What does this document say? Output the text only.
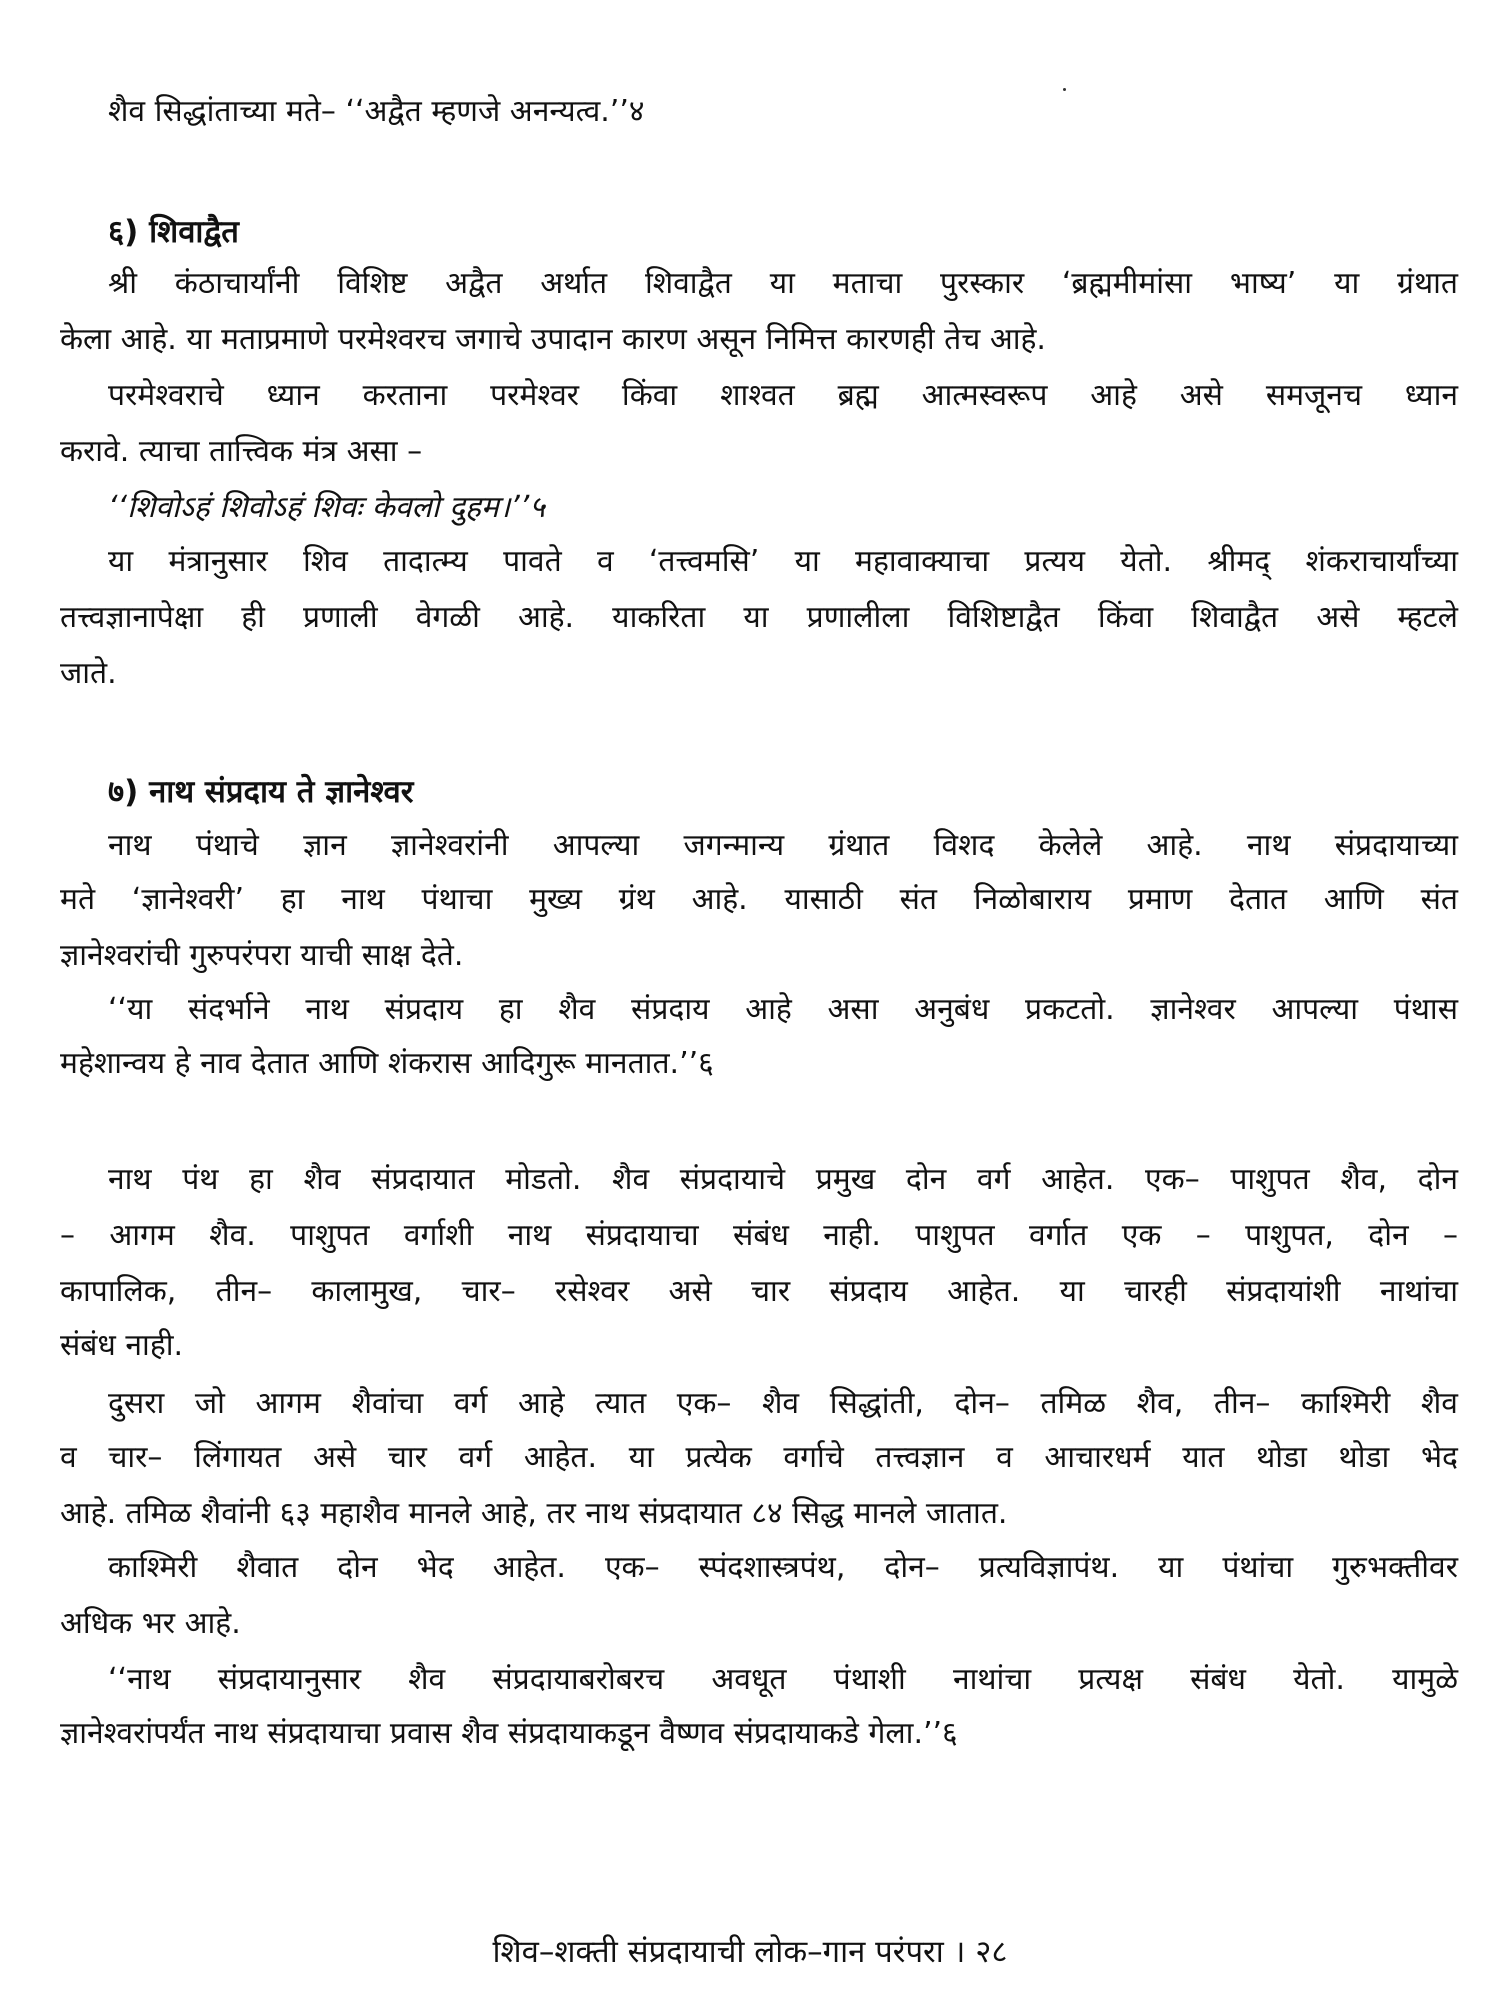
शैव सिद्धांताच्या मते– ‘‘अद्वैत म्हणजे अनन्यत्व.’’४
६) शिवाद्वैत
श्री कंठाचार्यांनी विशिष्ट अद्वैत अर्थात शिवाद्वैत या मताचा पुरस्कार ‘ब्रह्ममीमांसा भाष्य’ या ग्रंथात
केला आहे. या मताप्रमाणे परमेश्वरच जगाचे उपादान कारण असून निमित्त कारणही तेच आहे.
परमेश्वराचे ध्यान करताना परमेश्वर किंवा शाश्वत ब्रह्म आत्मस्वरूप आहे असे समजूनच ध्यान
करावे. त्याचा तात्त्विक मंत्र असा –
‘‘शिवोऽहं शिवोऽहं शिवः केवलो दुहम।’’५
या मंत्रानुसार शिव तादात्म्य पावते व ‘तत्त्वमसि’ या महावाक्याचा प्रत्यय येतो. श्रीमद् शंकराचार्यांच्या
तत्त्वज्ञानापेक्षा ही प्रणाली वेगळी आहे. याकरिता या प्रणालीला विशिष्टाद्वैत किंवा शिवाद्वैत असे म्हटले
जाते.
७) नाथ संप्रदाय ते ज्ञानेश्वर
नाथ पंथाचे ज्ञान ज्ञानेश्वरांनी आपल्या जगन्मान्य ग्रंथात विशद केलेले आहे. नाथ संप्रदायाच्या
मते ‘ज्ञानेश्वरी’ हा नाथ पंथाचा मुख्य ग्रंथ आहे. यासाठी संत निळोबाराय प्रमाण देतात आणि संत
ज्ञानेश्वरांची गुरुपरंपरा याची साक्ष देते.
‘‘या संदर्भाने नाथ संप्रदाय हा शैव संप्रदाय आहे असा अनुबंध प्रकटतो. ज्ञानेश्वर आपल्या पंथास
महेशान्वय हे नाव देतात आणि शंकरास आदिगुरू मानतात.’’६
नाथ पंथ हा शैव संप्रदायात मोडतो. शैव संप्रदायाचे प्रमुख दोन वर्ग आहेत. एक– पाशुपत शैव, दोन
– आगम शैव. पाशुपत वर्गाशी नाथ संप्रदायाचा संबंध नाही. पाशुपत वर्गात एक – पाशुपत, दोन –
कापालिक, तीन– कालामुख, चार– रसेश्वर असे चार संप्रदाय आहेत. या चारही संप्रदायांशी नाथांचा
संबंध नाही.
दुसरा जो आगम शैवांचा वर्ग आहे त्यात एक– शैव सिद्धांती, दोन– तमिळ शैव, तीन– काश्मिरी शैव
व चार– लिंगायत असे चार वर्ग आहेत. या प्रत्येक वर्गाचे तत्त्वज्ञान व आचारधर्म यात थोडा थोडा भेद
आहे. तमिळ शैवांनी ६३ महाशैव मानले आहे, तर नाथ संप्रदायात ८४ सिद्ध मानले जातात.
काश्मिरी शैवात दोन भेद आहेत. एक– स्पंदशास्त्रपंथ, दोन– प्रत्यविज्ञापंथ. या पंथांचा गुरुभक्तीवर
अधिक भर आहे.
‘‘नाथ संप्रदायानुसार शैव संप्रदायाबरोबरच अवधूत पंथाशी नाथांचा प्रत्यक्ष संबंध येतो. यामुळे
ज्ञानेश्वरांपर्यंत नाथ संप्रदायाचा प्रवास शैव संप्रदायाकडून वैष्णव संप्रदायाकडे गेला.’’६
शिव–शक्ती संप्रदायाची लोक–गान परंपरा । २८
